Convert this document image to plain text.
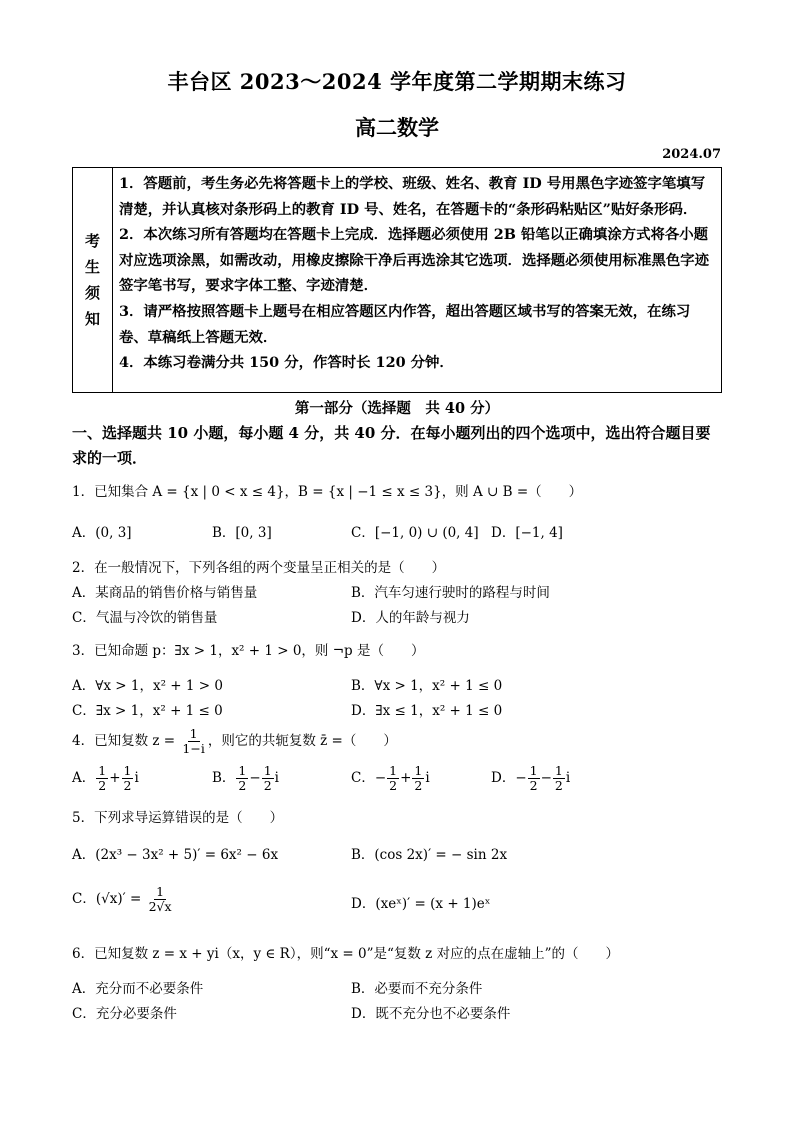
丰台区 2023～2024 学年度第二学期期末练习
高二数学
2024.07
考
生
须
知

1．答题前，考生务必先将答题卡上的学校、班级、姓名、教育 ID 号用黑色字迹签字笔填写清楚，并认真核对条形码上的教育 ID 号、姓名，在答题卡的“条形码粘贴区”贴好条形码．

2．本次练习所有答题均在答题卡上完成．选择题必须使用 2B 铅笔以正确填涂方式将各小题对应选项涂黑，如需改动，用橡皮擦除干净后再选涂其它选项．选择题必须使用标准黑色字迹签字笔书写，要求字体工整、字迹清楚．

3．请严格按照答题卡上题号在相应答题区内作答，超出答题区域书写的答案无效，在练习卷、草稿纸上答题无效．

4．本练习卷满分共 150 分，作答时长 120 分钟．

第一部分（选择题　共 40 分）
一、选择题共 10 小题，每小题 4 分，共 40 分．在每小题列出的四个选项中，选出符合题目要求的一项．
1．已知集合 A = {x | 0 < x ≤ 4}，B = {x | −1 ≤ x ≤ 3}，则 A ∪ B =（　　）
A．(0, 3]	B．[0, 3]	C．[−1, 0) ∪ (0, 4] D．[−1, 4]
2．在一般情况下，下列各组的两个变量呈正相关的是（　　）
A．某商品的销售价格与销售量	B．汽车匀速行驶时的路程与时间
C．气温与冷饮的销售量	D．人的年龄与视力
3．已知命题 p：∃x > 1，x² + 1 > 0，则 ¬p 是（　　）
A．∀x > 1，x² + 1 > 0	B．∀x > 1，x² + 1 ≤ 0
C．∃x > 1，x² + 1 ≤ 0	D．∃x ≤ 1，x² + 1 ≤ 0
4．已知复数 $z = \frac{1}{1-i}$ ，则它的共轭复数 z̄ =（　　）
A． $\frac{1}{2} + \frac{1}{2}$ i	B． $\frac{1}{2} - \frac{1}{2}$ i	C．− $\frac{1}{2} + \frac{1}{2}$ i	D．− $\frac{1}{2} - \frac{1}{2}$ i
5．下列求导运算错误的是（　　）
A．(2x³ − 3x² + 5)′ = 6x² − 6x	B．(cos 2x)′ = − sin 2x
C．$(√x)' = \frac{1}{2√x}$	D．(xeˣ)′ = (x + 1)eˣ
6．已知复数 z = x + yi（x，y ∈ R），则“x = 0”是“复数 z 对应的点在虚轴上”的（　　）
A．充分而不必要条件	B．必要而不充分条件
C．充分必要条件	D．既不充分也不必要条件
